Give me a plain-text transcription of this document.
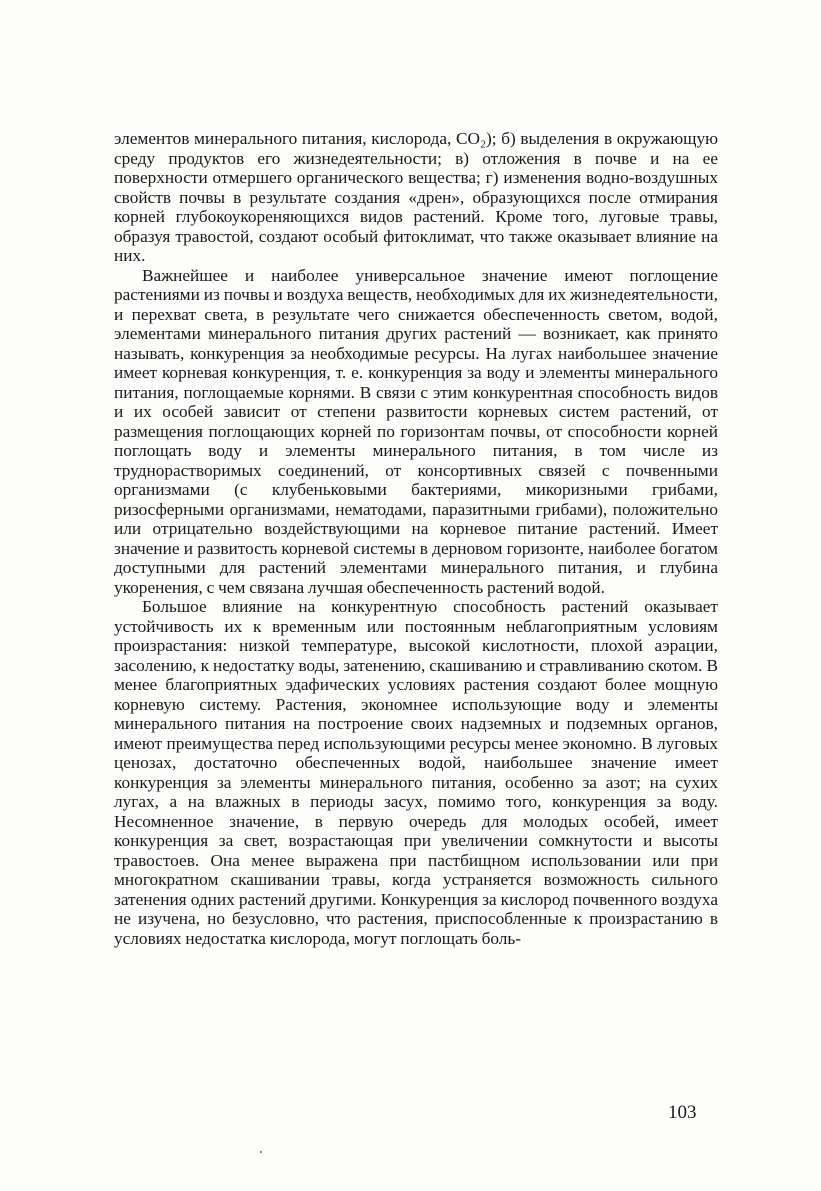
элементов минерального питания, кислорода, CO₂); б) выделения в окружающую среду продуктов его жизнедеятельности; в) отложения в почве и на ее поверхности отмершего органического вещества; г) изменения водно-воздушных свойств почвы в результате создания «дрен», образующихся после отмирания корней глубокоукореняющихся видов растений. Кроме того, луговые травы, образуя травостой, создают особый фитоклимат, что также оказывает влияние на них.

Важнейшее и наиболее универсальное значение имеют поглощение растениями из почвы и воздуха веществ, необходимых для их жизнедеятельности, и перехват света, в результате чего снижается обеспеченность светом, водой, элементами минерального питания других растений — возникает, как принято называть, конкуренция за необходимые ресурсы. На лугах наибольшее значение имеет корневая конкуренция, т. е. конкуренция за воду и элементы минерального питания, поглощаемые корнями. В связи с этим конкурентная способность видов и их особей зависит от степени развитости корневых систем растений, от размещения поглощающих корней по горизонтам почвы, от способности корней поглощать воду и элементы минерального питания, в том числе из труднорастворимых соединений, от консортивных связей с почвенными организмами (с клубеньковыми бактериями, микоризными грибами, ризосферными организмами, нематодами, паразитными грибами), положительно или отрицательно воздействующими на корневое питание растений. Имеет значение и развитость корневой системы в дерновом горизонте, наиболее богатом доступными для растений элементами минерального питания, и глубина укоренения, с чем связана лучшая обеспеченность растений водой.

Большое влияние на конкурентную способность растений оказывает устойчивость их к временным или постоянным неблагоприятным условиям произрастания: низкой температуре, высокой кислотности, плохой аэрации, засолению, к недостатку воды, затенению, скашиванию и стравливанию скотом. В менее благоприятных эдафических условиях растения создают более мощную корневую систему. Растения, экономнее использующие воду и элементы минерального питания на построение своих надземных и подземных органов, имеют преимущества перед использующими ресурсы менее экономно. В луговых ценозах, достаточно обеспеченных водой, наибольшее значение имеет конкуренция за элементы минерального питания, особенно за азот; на сухих лугах, а на влажных в периоды засух, помимо того, конкуренция за воду. Несомненное значение, в первую очередь для молодых особей, имеет конкуренция за свет, возрастающая при увеличении сомкнутости и высоты травостоев. Она менее выражена при пастбищном использовании или при многократном скашивании травы, когда устраняется возможность сильного затенения одних растений другими. Конкуренция за кислород почвенного воздуха не изучена, но безусловно, что растения, приспособленные к произрастанию в условиях недостатка кислорода, могут поглощать боль-

103
